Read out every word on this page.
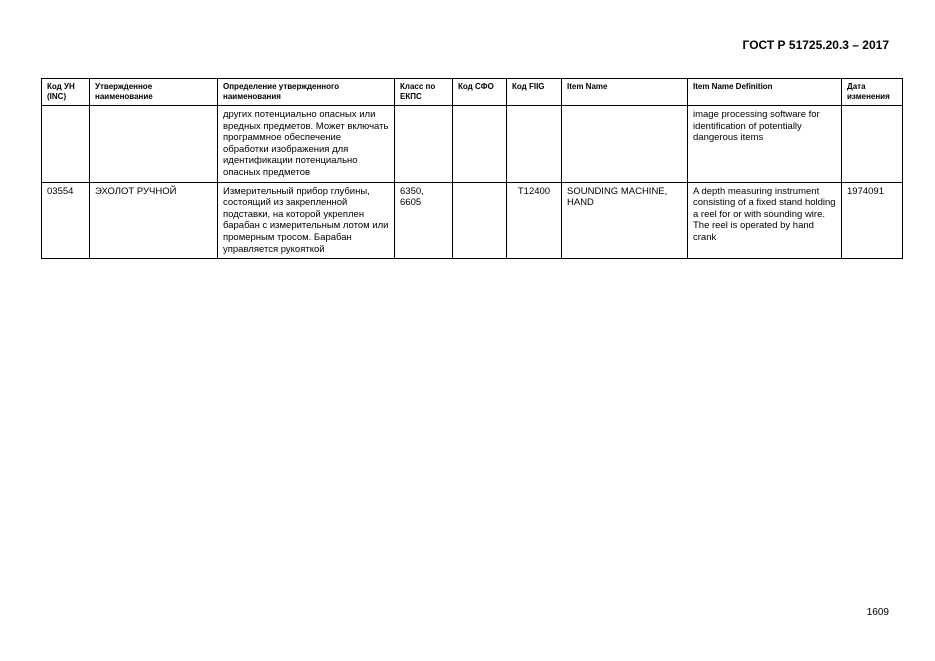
ГОСТ Р 51725.20.3 – 2017
Код УН (INC)	Утвержденное наименование	Определение утвержденного наименования	Класс по ЕКПС	Код СФО	Код FIIG	Item Name	Item Name Definition	Дата изменения
		других потенциально опасных или вредных предметов. Может включать программное обеспечение обработки изображения для идентификации потенциально опасных предметов					image processing software for identification of potentially dangerous items	
03554	ЭХОЛОТ РУЧНОЙ	Измерительный прибор глубины, состоящий из закрепленной подставки, на которой укреплен барабан с измерительным лотом или промерным тросом. Барабан управляется рукояткой	6350, 6605		T12400	SOUNDING MACHINE, HAND	A depth measuring instrument consisting of a fixed stand holding a reel for or with sounding wire. The reel is operated by hand crank	1974091
1609
